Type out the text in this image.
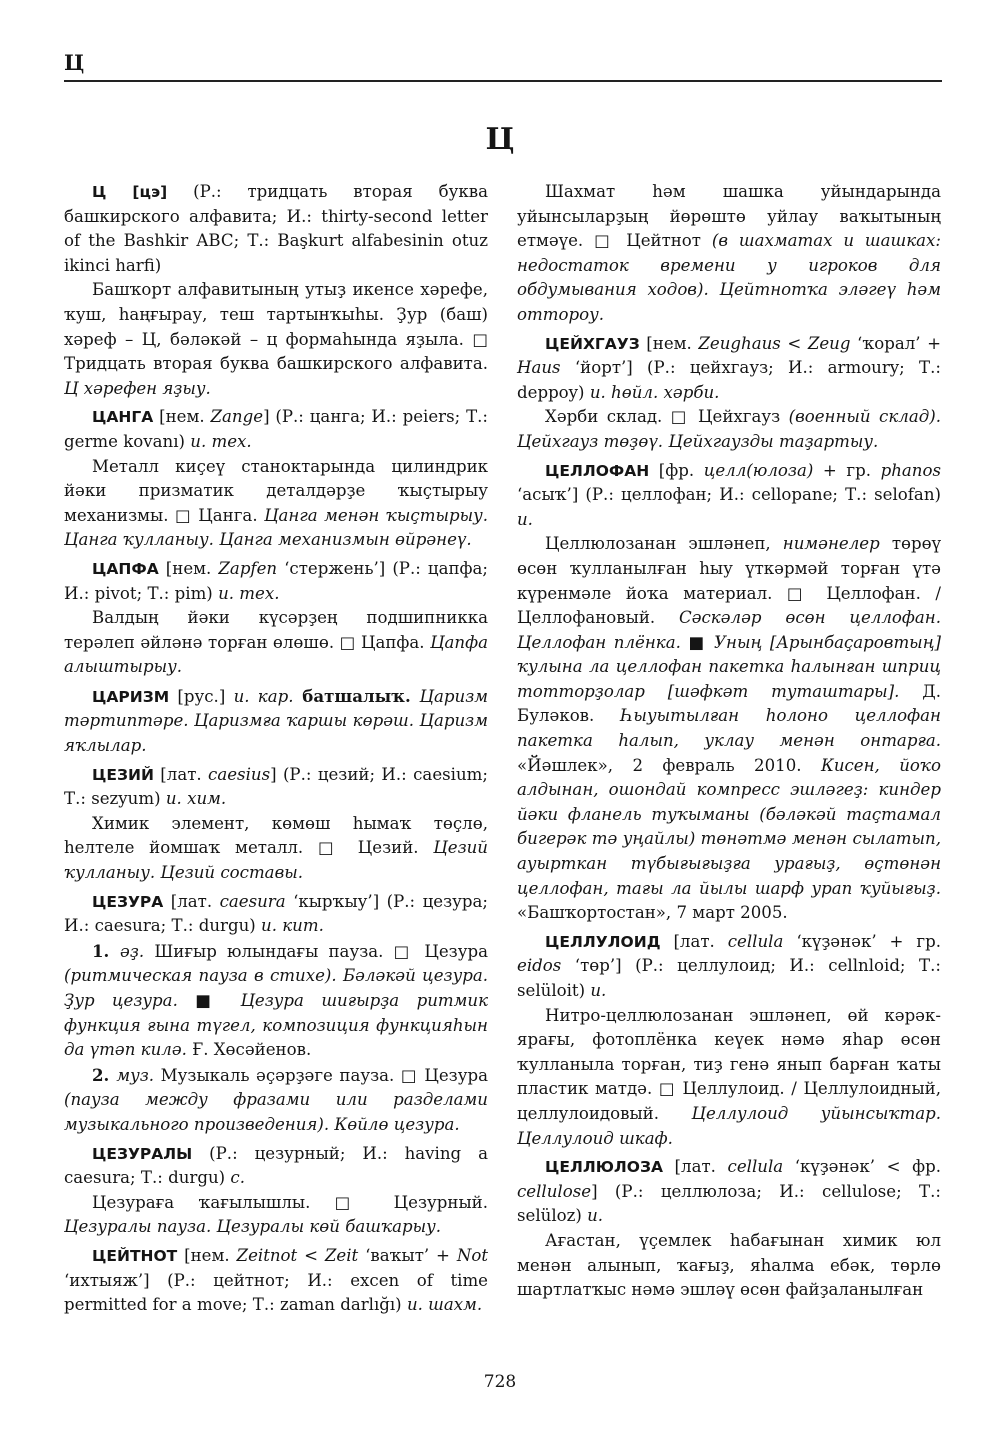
Ц
Ц

Ц [цэ] (Р.: тридцать вторая буква башкирского алфавита; И.: thirty-second letter of the Bashkir ABC; Т.: Başkurt alfabesinin otuz ikinci harfi)

Башҡорт алфавитының утыҙ икенсе хәрефе, ҡуш, һаңғырау, теш тартынҡыһы. Ҙур (баш) хәреф – Ц, бәләкәй – ц формаһында яҙыла. □ Тридцать вторая буква башкирского алфавита. Ц хәрефен яҙыу.

ЦАНГА [нем. Zange] (Р.: цанга; И.: peiers; Т.: germe kovanı) и. тех.

Металл киҫеү станоктарында цилиндрик йәки призматик деталдәрҙе ҡыҫтырыу механизмы. □ Цанга. Цанга менән ҡыҫтырыу. Цанга ҡулланыу. Цанга механизмын өйрәнеү.

ЦАПФА [нем. Zapfen ‘стержень’] (Р.: цапфа; И.: pivot; Т.: pim) и. тех.

Валдың йәки күсәрҙең подшипникка терәлеп әйләнә торған өлөшө. □ Цапфа. Цапфа алыштырыу.

ЦАРИЗМ [рус.] и. кар. батшалыҡ. Царизм тәртиптәре. Царизмға ҡаршы көрәш. Царизм яҡлылар.

ЦЕЗИЙ [лат. caesius] (Р.: цезий; И.: caesium; Т.: sezyum) и. хим.

Химик элемент, көмөш һымаҡ төҫлө, һелтеле йомшаҡ металл. □ Цезий. Цезий ҡулланыу. Цезий составы.

ЦЕЗУРА [лат. caesura ‘кырҡыу’] (Р.: цезура; И.: caesura; Т.: durgu) и. кит.

1. әҙ. Шиғыр юлындағы пауза. □ Цезура (ритмическая пауза в стихе). Бәләкәй цезура. Ҙур цезура. ■ Цезура шиғырҙа ритмик функция ғына түгел, композиция функцияһын да үтәп килә. Ғ. Хөсәйенов.

2. муз. Музыкаль әҫәрҙәге пауза. □ Цезура (пауза между фразами или разделами музыкального произведения). Көйлө цезура.

ЦЕЗУРАЛЫ (Р.: цезурный; И.: having a caesura; Т.: durgu) с.

Цезураға ҡағылышлы. □ Цезурный. Цезуралы пауза. Цезуралы көй башҡарыу.

ЦЕЙТНОТ [нем. Zeitnot < Zeit ‘ваҡыт’ + Not ‘ихтыяж’] (Р.: цейтнот; И.: excen of time permitted for a move; Т.: zaman darlığı) и. шахм.

Шахмат һәм шашка уйындарында уйынсыларҙың йөрөштө уйлау ваҡытының етмәүе. □ Цейтнот (в шахматах и шашках: недостаток времени у игроков для обдумывания ходов). Цейтнотҡа эләгеү һәм отторoу.

ЦЕЙХГАУЗ [нем. Zeughaus < Zeug ‘ҡорал’ + Haus ‘йорт’] (Р.: цейхгауз; И.: armoury; Т.: deppoy) и. һөйл. хәрби.

Хәрби склад. □ Цейхгауз (военный склад). Цейхгауз төҙөү. Цейхгаузды таҙартыу.

ЦЕЛЛОФАН [фр. целл(юлоза) + гр. phanos ‘асыҡ’] (Р.: целлофан; И.: cellopane; Т.: selofan) и.

Целлюлозанан эшләнеп, нимәнелер төрөү өсөн ҡулланылған һыу үткәрмәй торған үтә күренмәле йоҡа материал. □ Целлофан. / Целлофановый. Сәскәләр өсөн целлофан. Целлофан плёнка. ■ Уның [Арынбаҫаровтың] ҡулына ла целлофан пакетка һалынған шприц тотторҙолар [шәфкәт туташтары]. Д. Буләков. Һыуытылған һолоно целлофан пакетка һалып, уклау менән онтарға. «Йәшлек», 2 февраль 2010. Кисен, йоҡо алдынан, ошондай компресс эшләгеҙ: киндер йәки фланель туҡыманы (бәләкәй таҫтамал бигерәк тә уңайлы) төнәтмә менән сылатып, ауырткан түбығығыҙға урағыҙ, өҫтөнән целлофан, тағы ла йылы шарф урап ҡуйығыҙ. «Башҡортостан», 7 март 2005.

ЦЕЛЛУЛОИД [лат. cellula ‘күҙәнәк’ + гр. eidos ‘төр’] (Р.: целлулоид; И.: cellnloid; Т.: selüloit) и.

Нитро-целлюлозанан эшләнеп, өй кәрәк-ярағы, фотоплёнка кеүек нәмә яһар өсөн ҡулланыла торған, тиҙ генә янып барған ҡаты пластик матдә. □ Целлулоид. / Целлулоидный, целлулоидовый. Целлулоид уйынсыҡтар. Целлулоид шкаф.

ЦЕЛЛЮЛОЗА [лат. cellula ‘күҙәнәк’ < фр. cellulose] (Р.: целлюлоза; И.: cellulose; Т.: selüloz) и.

Ағастан, үҫемлек һабағынан химик юл менән алынып, ҡағыҙ, яһалма ебәк, төрлө шартлатҡыс нәмә эшләү өсөн файҙаланылған

728
